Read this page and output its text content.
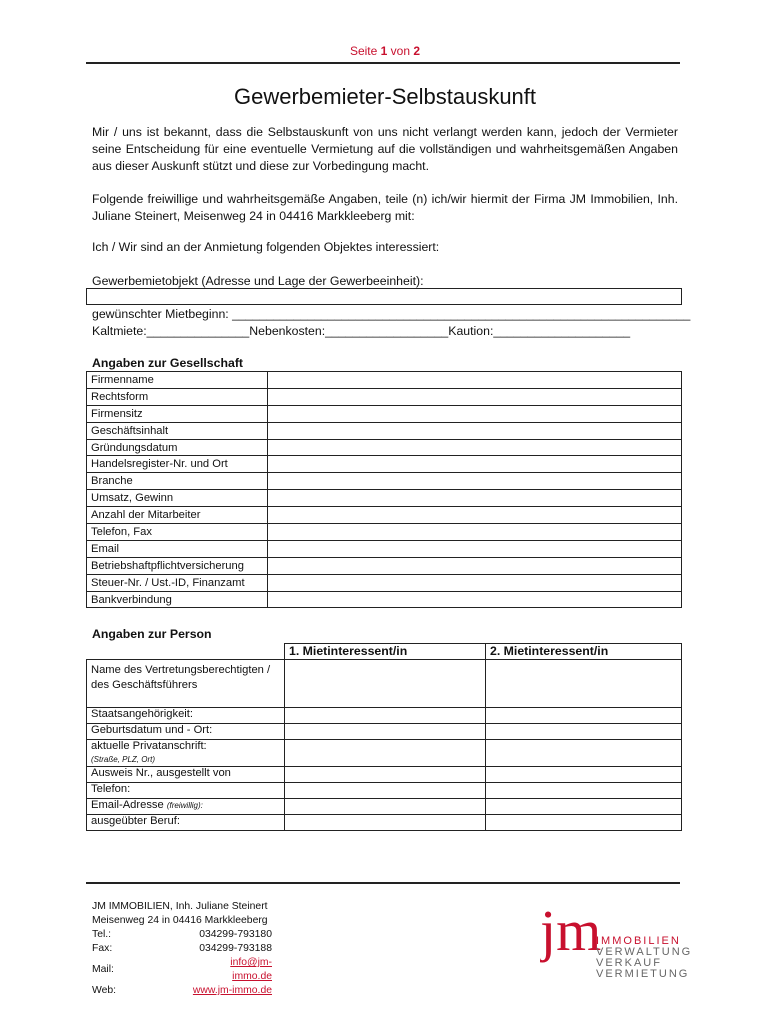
Seite 1 von 2
Gewerbemieter-Selbstauskunft
Mir / uns ist bekannt, dass die Selbstauskunft von uns nicht verlangt werden kann, jedoch der Vermieter seine Entscheidung für eine eventuelle Vermietung auf die vollständigen und wahrheitsgemäßen Angaben aus dieser Auskunft stützt und diese zur Vorbedingung macht.
Folgende freiwillige und wahrheitsgemäße Angaben, teile (n) ich/wir hiermit der Firma JM Immobilien, Inh. Juliane Steinert, Meisenweg 24 in 04416 Markkleeberg mit:
Ich / Wir sind an der Anmietung folgenden Objektes interessiert:
Gewerbemietobjekt (Adresse und Lage der Gewerbeeinheit):
gewünschter Mietbeginn: ___________________________________________________________________
Kaltmiete:_______________Nebenkosten:__________________Kaution:____________________
Angaben zur Gesellschaft
Firmenname	
Rechtsform	
Firmensitz	
Geschäftsinhalt	
Gründungsdatum	
Handelsregister-Nr. und Ort	
Branche	
Umsatz, Gewinn	
Anzahl der Mitarbeiter	
Telefon, Fax	
Email	
Betriebshaftpflichtversicherung	
Steuer-Nr. / Ust.-ID, Finanzamt	
Bankverbindung	
Angaben zur Person
	1. Mietinteressent/in	2. Mietinteressent/in
Name des Vertretungsberechtigten / des Geschäftsführers		
Staatsangehörigkeit:		
Geburtsdatum und - Ort:		

aktuelle Privatanschrift:
(Straße, PLZ, Ort)		

Ausweis Nr., ausgestellt von		
Telefon:		
Email-Adresse (freiwillig):		
ausgeübter Beruf:		
JM IMMOBILIEN, Inh. Juliane Steinert
Meisenweg 24 in 04416 Markkleeberg
Tel.:	034299-793180
Fax:	034299-793188
Mail:	info@jm-immo.de
Web:	www.jm-immo.de
jm
IMMOBILIEN
VERWALTUNG
VERKAUF
VERMIETUNG
